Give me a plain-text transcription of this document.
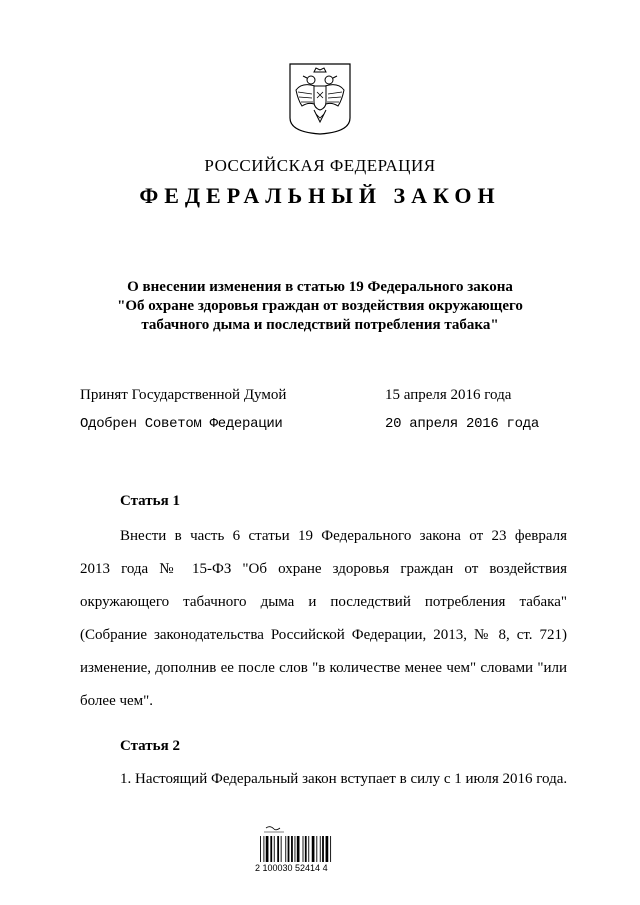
РОССИЙСКАЯ ФЕДЕРАЦИЯ
ФЕДЕРАЛЬНЫЙ ЗАКОН
О внесении изменения в статью 19 Федерального закона
"Об охране здоровья граждан от воздействия окружающего
табачного дыма и последствий потребления табака"
Принят Государственной Думой	15 апреля 2016 года
Одобрен Советом Федерации	20 апреля 2016 года
Статья 1
Внести в часть 6 статьи 19 Федерального закона от 23 февраля
2013 года № 15-ФЗ "Об охране здоровья граждан от воздействия
окружающего табачного дыма и последствий потребления табака"
(Собрание законодательства Российской Федерации, 2013, № 8, ст. 721)
изменение, дополнив ее после слов "в количестве менее чем" словами "или
более чем".
Статья 2
1. Настоящий Федеральный закон вступает в силу с 1 июля 2016 года.
2 100030 52414 4
